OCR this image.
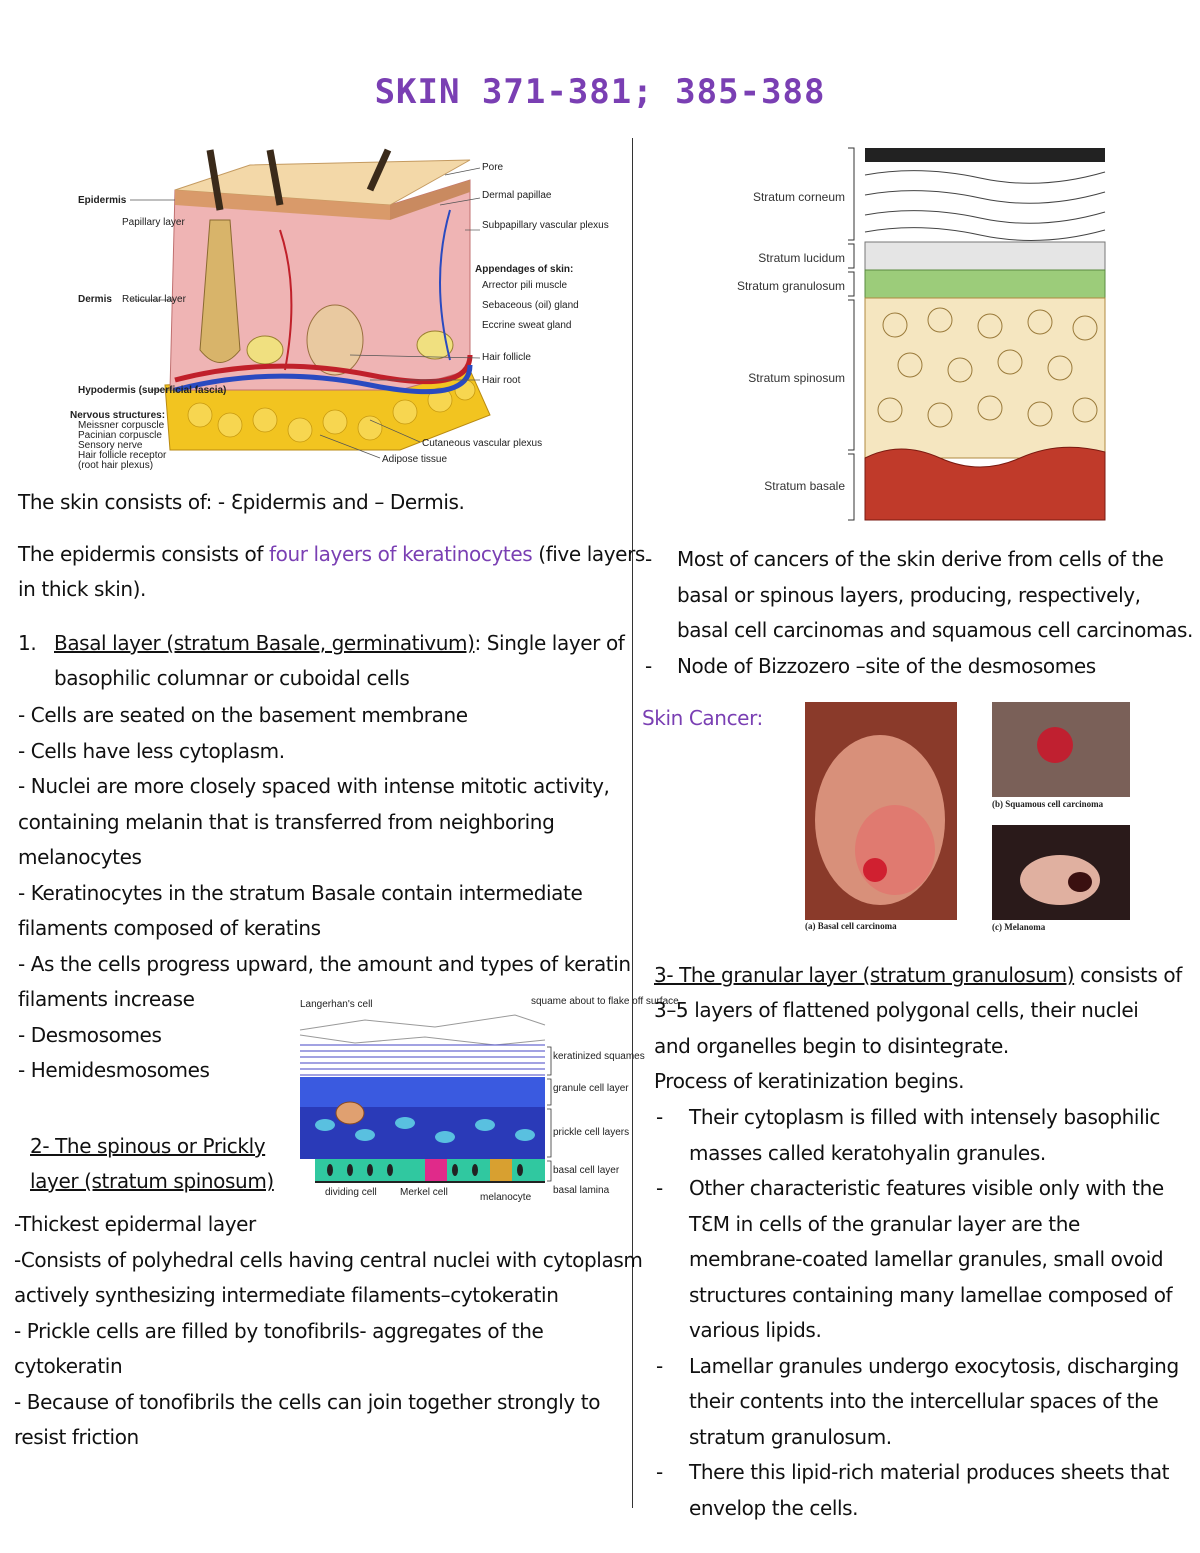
SKIN 371-381; 385-388
Epidermis
Papillary layer
Dermis Reticular layer
Hypodermis (superficial fascia)
Nervous structures:
Meissner corpuscle
Pacinian corpuscle
Sensory nerve
Hair follicle receptor
(root hair plexus)
Pore
Dermal papillae
Subpapillary vascular plexus
Appendages of skin:
Arrector pili muscle
Sebaceous (oil) gland
Eccrine sweat gland
Hair follicle
Hair root
Cutaneous vascular plexus
Adipose tissue
Stratum corneum
Stratum lucidum
Stratum granulosum
Stratum spinosum
Stratum basale
The skin consists of: - Ɛpidermis and – Dermis.
The epidermis consists of four layers of keratinocytes (five layers
in thick skin).
1. Basal layer (stratum Basale, germinativum): Single layer of
basophilic columnar or cuboidal cells
- Cells are seated on the basement membrane
- Cells have less cytoplasm.
- Nuclei are more closely spaced with intense mitotic activity,
containing melanin that is transferred from neighboring
melanocytes
- Keratinocytes in the stratum Basale contain intermediate
filaments composed of keratins
- As the cells progress upward, the amount and types of keratin
filaments increase
- Desmosomes
- Hemidesmosomes
Langerhan's cell	squame about to flake off surface
keratinized squames
granule cell layer
prickle cell layers
basal cell layer
basal lamina
dividing cell Merkel cell	melanocyte
2- The spinous or Prickly
layer (stratum spinosum)
-Thickest epidermal layer
-Consists of polyhedral cells having central nuclei with cytoplasm
actively synthesizing intermediate filaments–cytokeratin
- Prickle cells are filled by tonofibrils- aggregates of the
cytokeratin
- Because of tonofibrils the cells can join together strongly to
resist friction
- Most of cancers of the skin derive from cells of the
basal or spinous layers, producing, respectively,
basal cell carcinomas and squamous cell carcinomas.
- Node of Bizzozero –site of the desmosomes
Skin Cancer:
(a) Basal cell carcinoma
(b) Squamous cell carcinoma
(c) Melanoma
3- The granular layer (stratum granulosum) consists of
3–5 layers of flattened polygonal cells, their nuclei
and organelles begin to disintegrate.
Process of keratinization begins.
- Their cytoplasm is filled with intensely basophilic
masses called keratohyalin granules.
- Other characteristic features visible only with the
TƐM in cells of the granular layer are the
membrane-coated lamellar granules, small ovoid
structures containing many lamellae composed of
various lipids.
- Lamellar granules undergo exocytosis, discharging
their contents into the intercellular spaces of the
stratum granulosum.
- There this lipid-rich material produces sheets that
envelop the cells.
